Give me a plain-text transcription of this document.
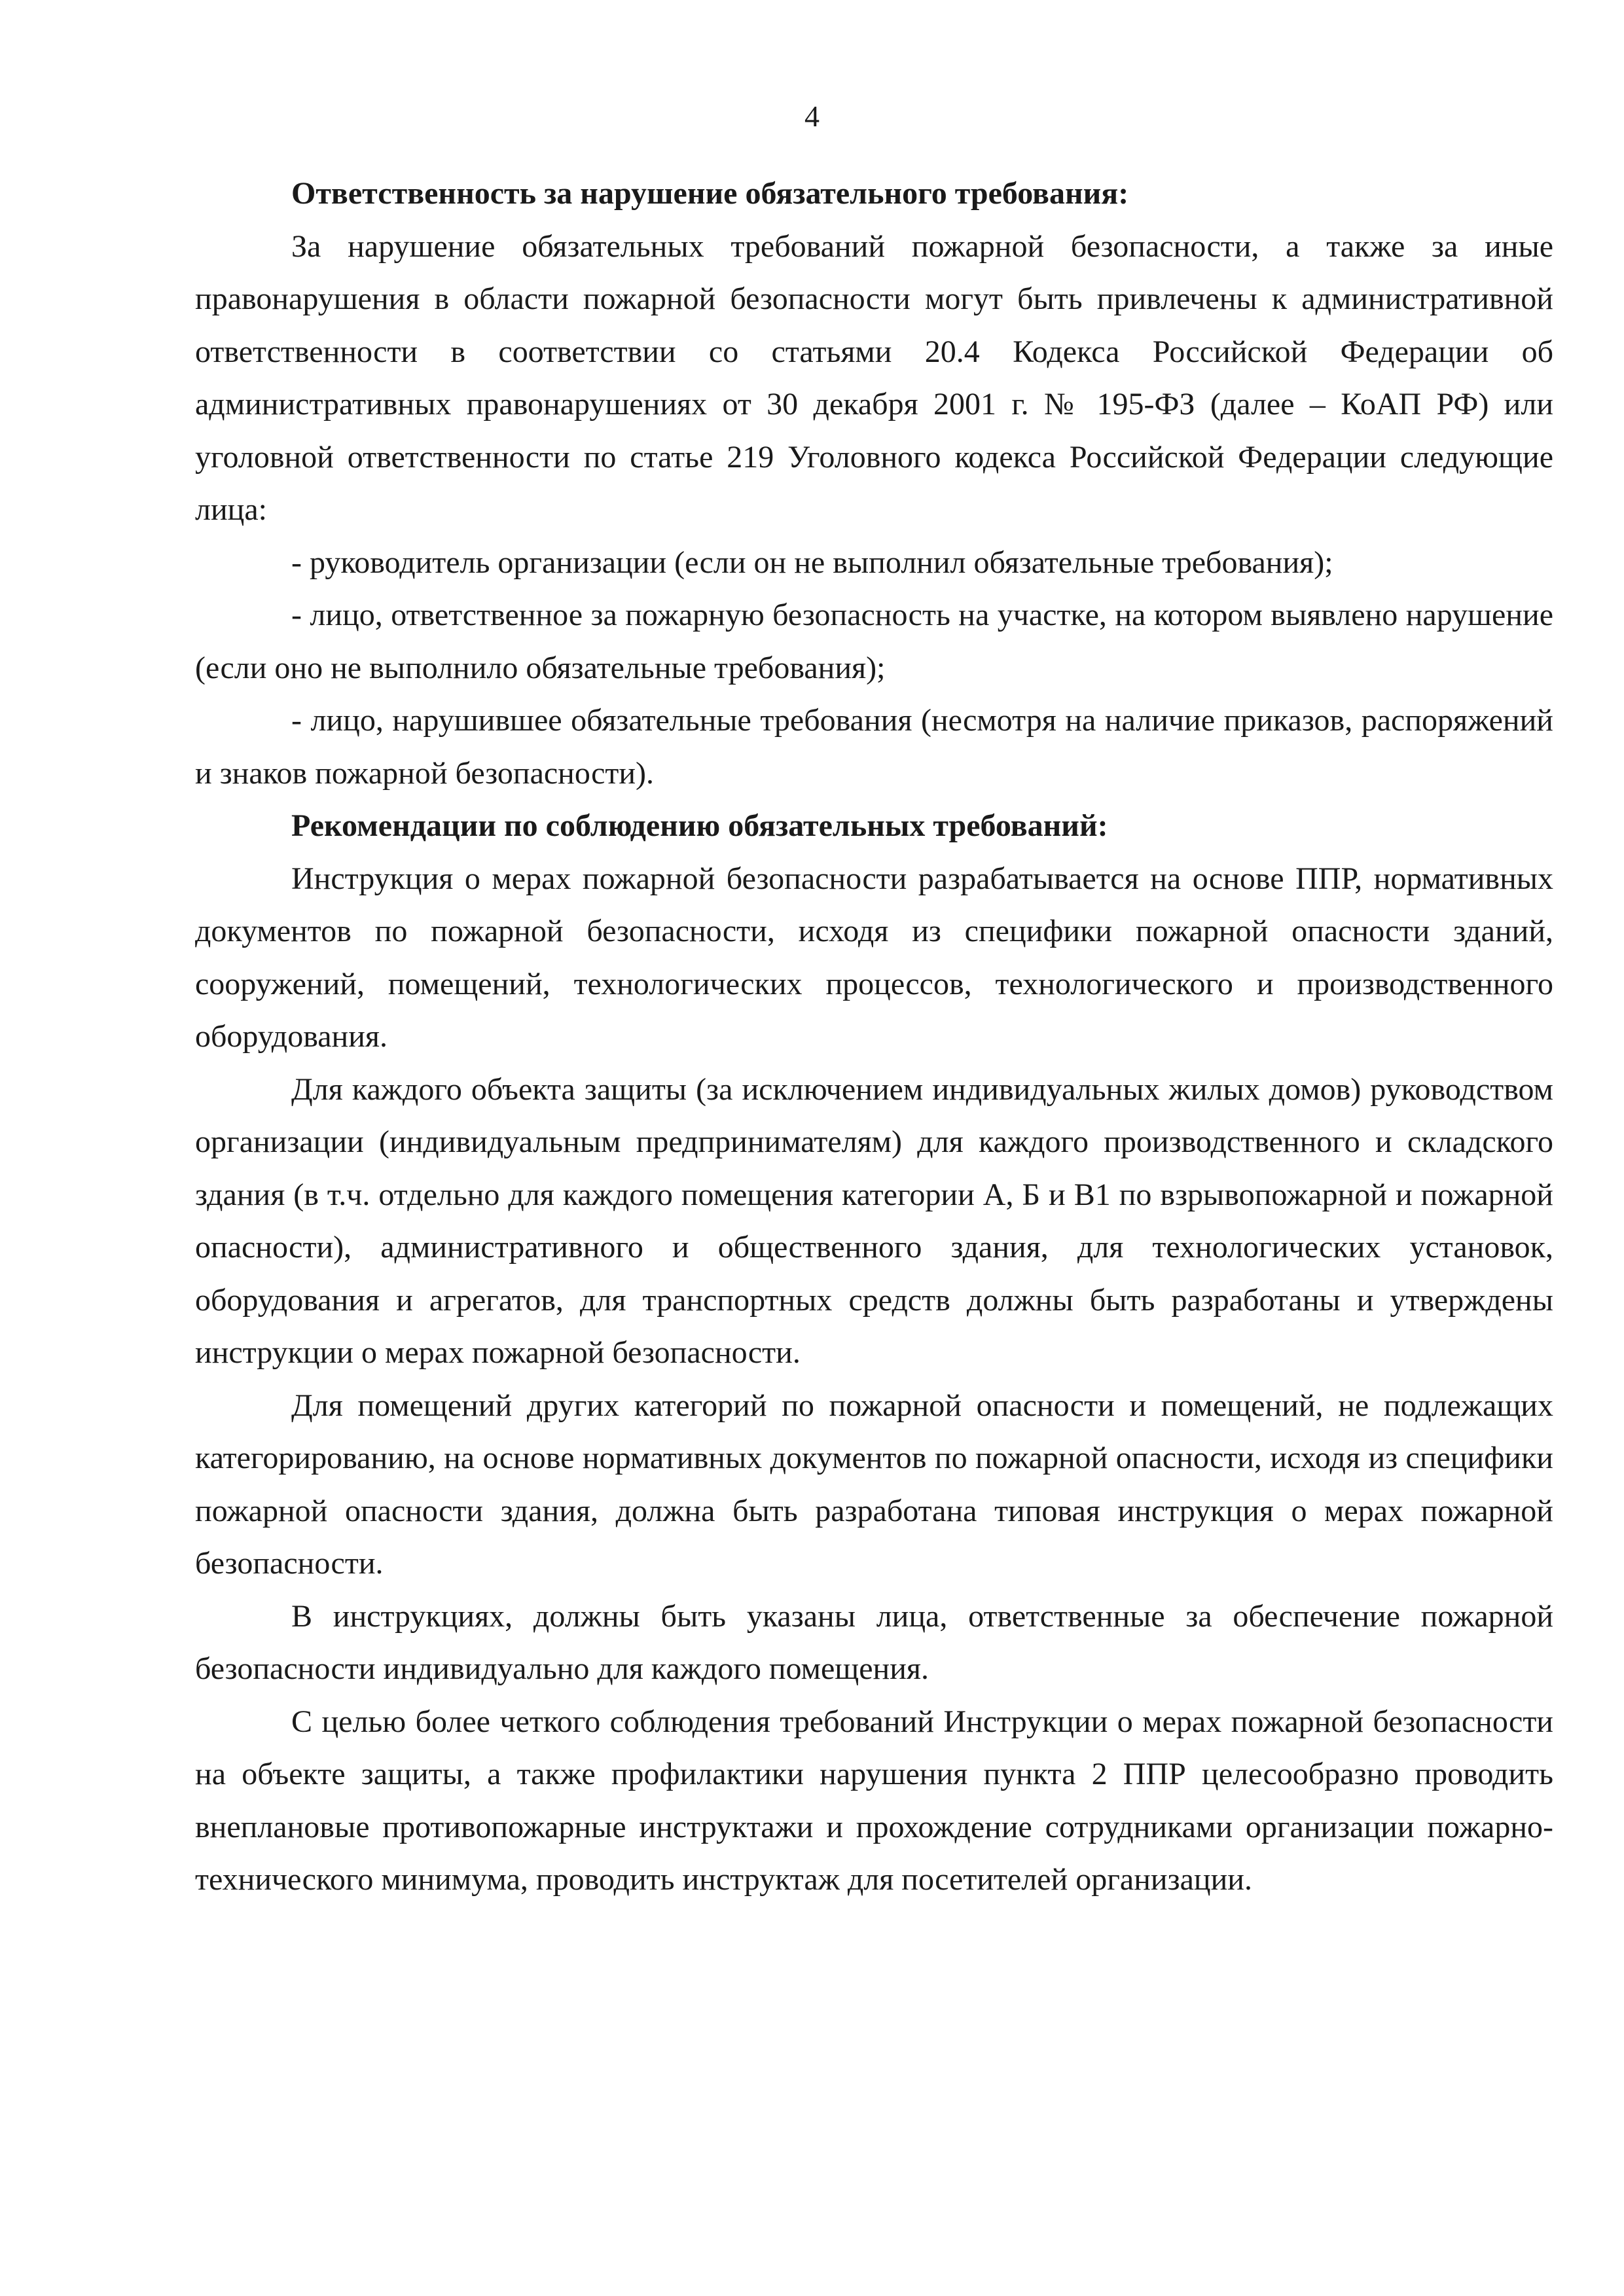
4

Ответственность за нарушение обязательного требования:

За нарушение обязательных требований пожарной безопасности, а также за иные правонарушения в области пожарной безопасности могут быть привлечены к административной ответственности в соответствии со статьями 20.4 Кодекса Российской Федерации об административных правонарушениях от 30 декабря 2001 г. № 195-ФЗ (далее – КоАП РФ) или уголовной ответственности по статье 219 Уголовного кодекса Российской Федерации следующие лица:

- руководитель организации (если он не выполнил обязательные требования);

- лицо, ответственное за пожарную безопасность на участке, на котором выявлено нарушение (если оно не выполнило обязательные требования);

- лицо, нарушившее обязательные требования (несмотря на наличие приказов, распоряжений и знаков пожарной безопасности).

Рекомендации по соблюдению обязательных требований:

Инструкция о мерах пожарной безопасности разрабатывается на основе ППР, нормативных документов по пожарной безопасности, исходя из специфики пожарной опасности зданий, сооружений, помещений, технологических процессов, технологического и производственного оборудования.

Для каждого объекта защиты (за исключением индивидуальных жилых домов) руководством организации (индивидуальным предпринимателям) для каждого производственного и складского здания (в т.ч. отдельно для каждого помещения категории А, Б и В1 по взрывопожарной и пожарной опасности), административного и общественного здания, для технологических установок, оборудования и агрегатов, для транспортных средств должны быть разработаны и утверждены инструкции о мерах пожарной безопасности.

Для помещений других категорий по пожарной опасности и помещений, не подлежащих категорированию, на основе нормативных документов по пожарной опасности, исходя из специфики пожарной опасности здания, должна быть разработана типовая инструкция о мерах пожарной безопасности.

В инструкциях, должны быть указаны лица, ответственные за обеспечение пожарной безопасности индивидуально для каждого помещения.

С целью более четкого соблюдения требований Инструкции о мерах пожарной безопасности на объекте защиты, а также профилактики нарушения пункта 2 ППР целесообразно проводить внеплановые противопожарные инструктажи и прохождение сотрудниками организации пожарно-технического минимума, проводить инструктаж для посетителей организации.
